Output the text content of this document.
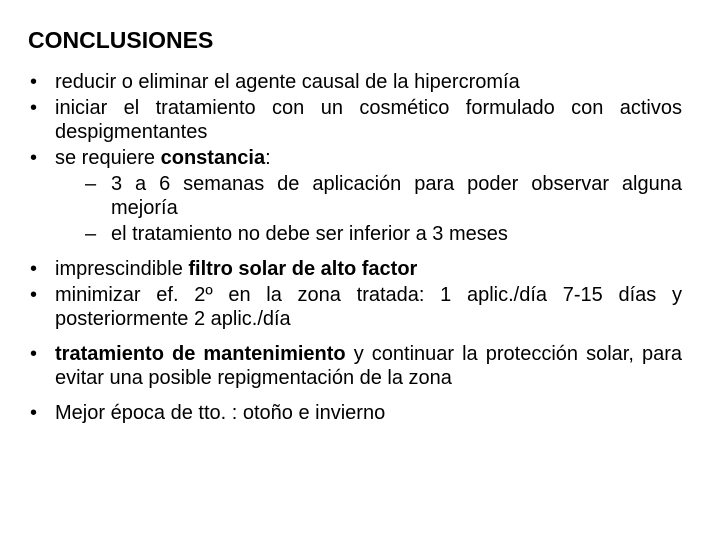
CONCLUSIONES
• reducir o eliminar el agente causal de la hipercromía
• iniciar el tratamiento con un cosmético formulado con activos despigmentantes
• se requiere constancia:
– 3 a 6 semanas de aplicación para poder observar alguna mejoría
– el tratamiento no debe ser inferior a 3 meses
• imprescindible filtro solar de alto factor
• minimizar ef. 2º en la zona tratada: 1 aplic./día 7-15 días y posteriormente 2 aplic./día
• tratamiento de mantenimiento y continuar la protección solar, para evitar una posible repigmentación de la zona
• Mejor época de tto. : otoño e invierno
